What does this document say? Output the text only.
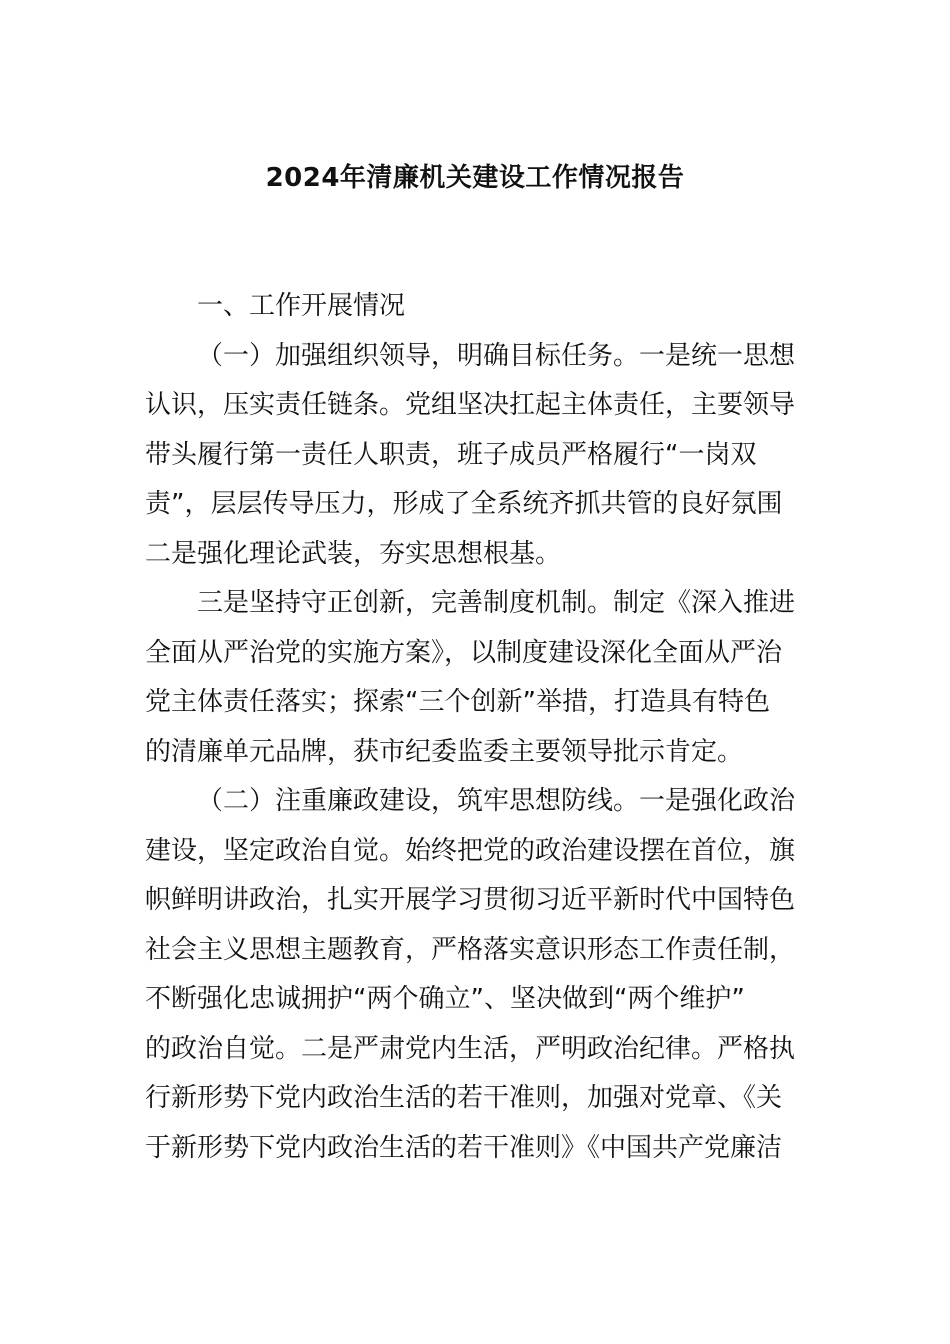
2024年清廉机关建设工作情况报告
一、工作开展情况
（一）加强组织领导，明确目标任务。一是统一思想
认识，压实责任链条。党组坚决扛起主体责任，主要领导
带头履行第一责任人职责，班子成员严格履行“一岗双
责”，层层传导压力，形成了全系统齐抓共管的良好氛围
二是强化理论武装，夯实思想根基。
三是坚持守正创新，完善制度机制。制定《深入推进
全面从严治党的实施方案》，以制度建设深化全面从严治
党主体责任落实；探索“三个创新”举措，打造具有特色
的清廉单元品牌，获市纪委监委主要领导批示肯定。
（二）注重廉政建设，筑牢思想防线。一是强化政治
建设，坚定政治自觉。始终把党的政治建设摆在首位，旗
帜鲜明讲政治，扎实开展学习贯彻习近平新时代中国特色
社会主义思想主题教育，严格落实意识形态工作责任制，
不断强化忠诚拥护“两个确立”、坚决做到“两个维护”
的政治自觉。二是严肃党内生活，严明政治纪律。严格执
行新形势下党内政治生活的若干准则，加强对党章、《关
于新形势下党内政治生活的若干准则》《中国共产党廉洁
